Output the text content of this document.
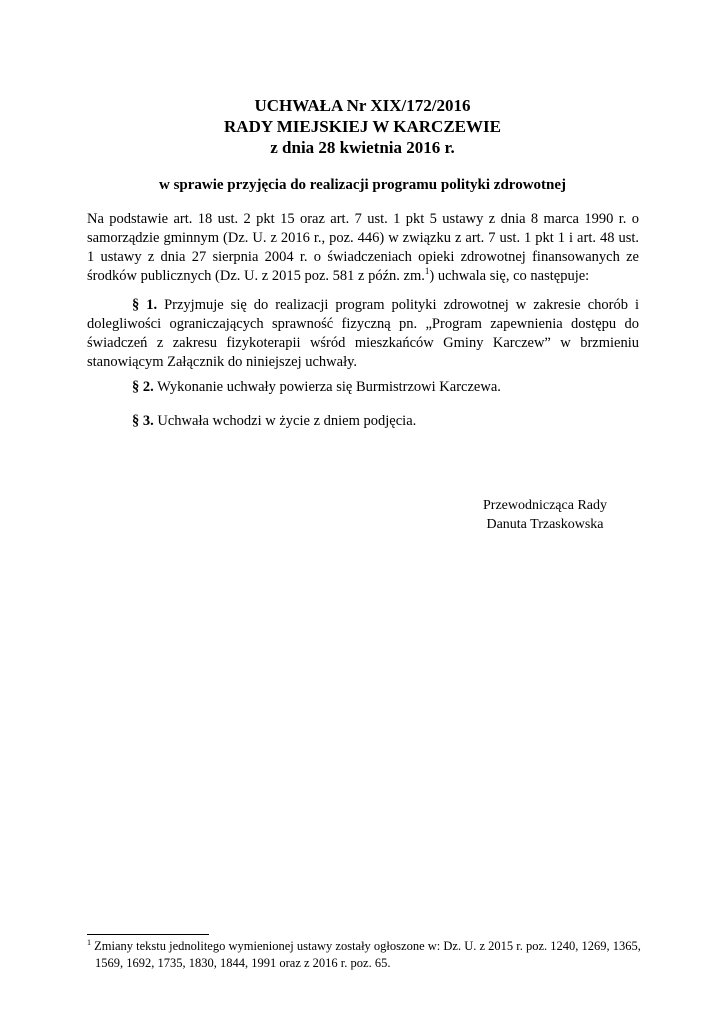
UCHWAŁA Nr XIX/172/2016
RADY MIEJSKIEJ W KARCZEWIE
z dnia 28 kwietnia 2016 r.
w sprawie przyjęcia do realizacji programu polityki zdrowotnej
Na podstawie art. 18 ust. 2 pkt 15 oraz art. 7 ust. 1 pkt 5 ustawy z dnia 8 marca 1990 r. o samorządzie gminnym (Dz. U. z 2016 r., poz. 446) w związku z art. 7 ust. 1 pkt 1 i art. 48 ust. 1 ustawy z dnia 27 sierpnia 2004 r. o świadczeniach opieki zdrowotnej finansowanych ze środków publicznych (Dz. U. z 2015 poz. 581 z późn. zm.$^1$) uchwala się, co następuje:
§ 1. Przyjmuje się do realizacji program polityki zdrowotnej w zakresie chorób i dolegliwości ograniczających sprawność fizyczną pn. „Program zapewnienia dostępu do świadczeń z zakresu fizykoterapii wśród mieszkańców Gminy Karczew” w brzmieniu stanowiącym Załącznik do niniejszej uchwały.
§ 2. Wykonanie uchwały powierza się Burmistrzowi Karczewa.
§ 3. Uchwała wchodzi w życie z dniem podjęcia.
Przewodnicząca Rady
Danuta Trzaskowska
$^1$ Zmiany tekstu jednolitego wymienionej ustawy zostały ogłoszone w: Dz. U. z 2015 r. poz. 1240, 1269, 1365, 1569, 1692, 1735, 1830, 1844, 1991 oraz z 2016 r. poz. 65.
